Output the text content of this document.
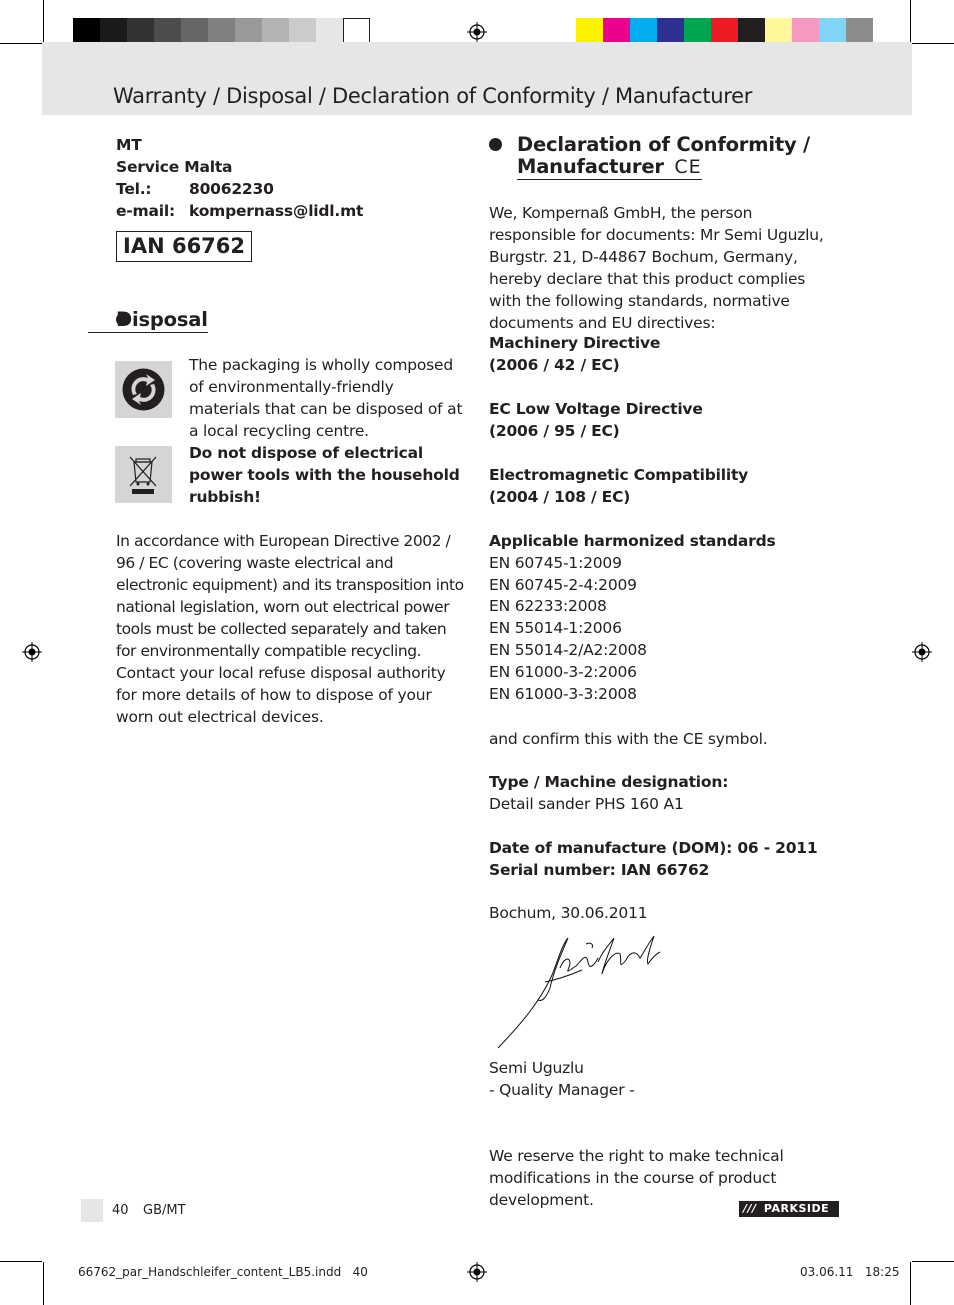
Warranty / Disposal / Declaration of Conformity / Manufacturer
MT
Service Malta
Tel.: 80062230
e-mail: kompernass@lidl.mt
IAN 66762
Disposal
The packaging is wholly composed of environmentally-friendly materials that can be disposed of at a local recycling centre.
Do not dispose of electrical power tools with the household rubbish!
In accordance with European Directive 2002 / 96 / EC (covering waste electrical and electronic equipment) and its transposition into national legislation, worn out electrical power tools must be collected separately and taken for environmentally compatible recycling.
Contact your local refuse disposal authority for more details of how to dispose of your worn out electrical devices.
Declaration of Conformity /
Manufacturer CE
We, Kompernaß GmbH, the person responsible for documents: Mr Semi Uguzlu, Burgstr. 21, D-44867 Bochum, Germany, hereby declare that this product complies with the following standards, normative documents and EU directives:
Machinery Directive
(2006 / 42 / EC)
EC Low Voltage Directive
(2006 / 95 / EC)
Electromagnetic Compatibility
(2004 / 108 / EC)
Applicable harmonized standards
EN 60745-1:2009
EN 60745-2-4:2009
EN 62233:2008
EN 55014-1:2006
EN 55014-2/A2:2008
EN 61000-3-2:2006
EN 61000-3-3:2008
and confirm this with the CE symbol.
Type / Machine designation:
Detail sander PHS 160 A1
Date of manufacture (DOM): 06 - 2011
Serial number: IAN 66762
Bochum, 30.06.2011
Semi Uguzlu
- Quality Manager -
We reserve the right to make technical modifications in the course of product development.
40 GB/MT	/// PARKSIDE
66762_par_Handschleifer_content_LB5.indd   40	03.06.11   18:25
